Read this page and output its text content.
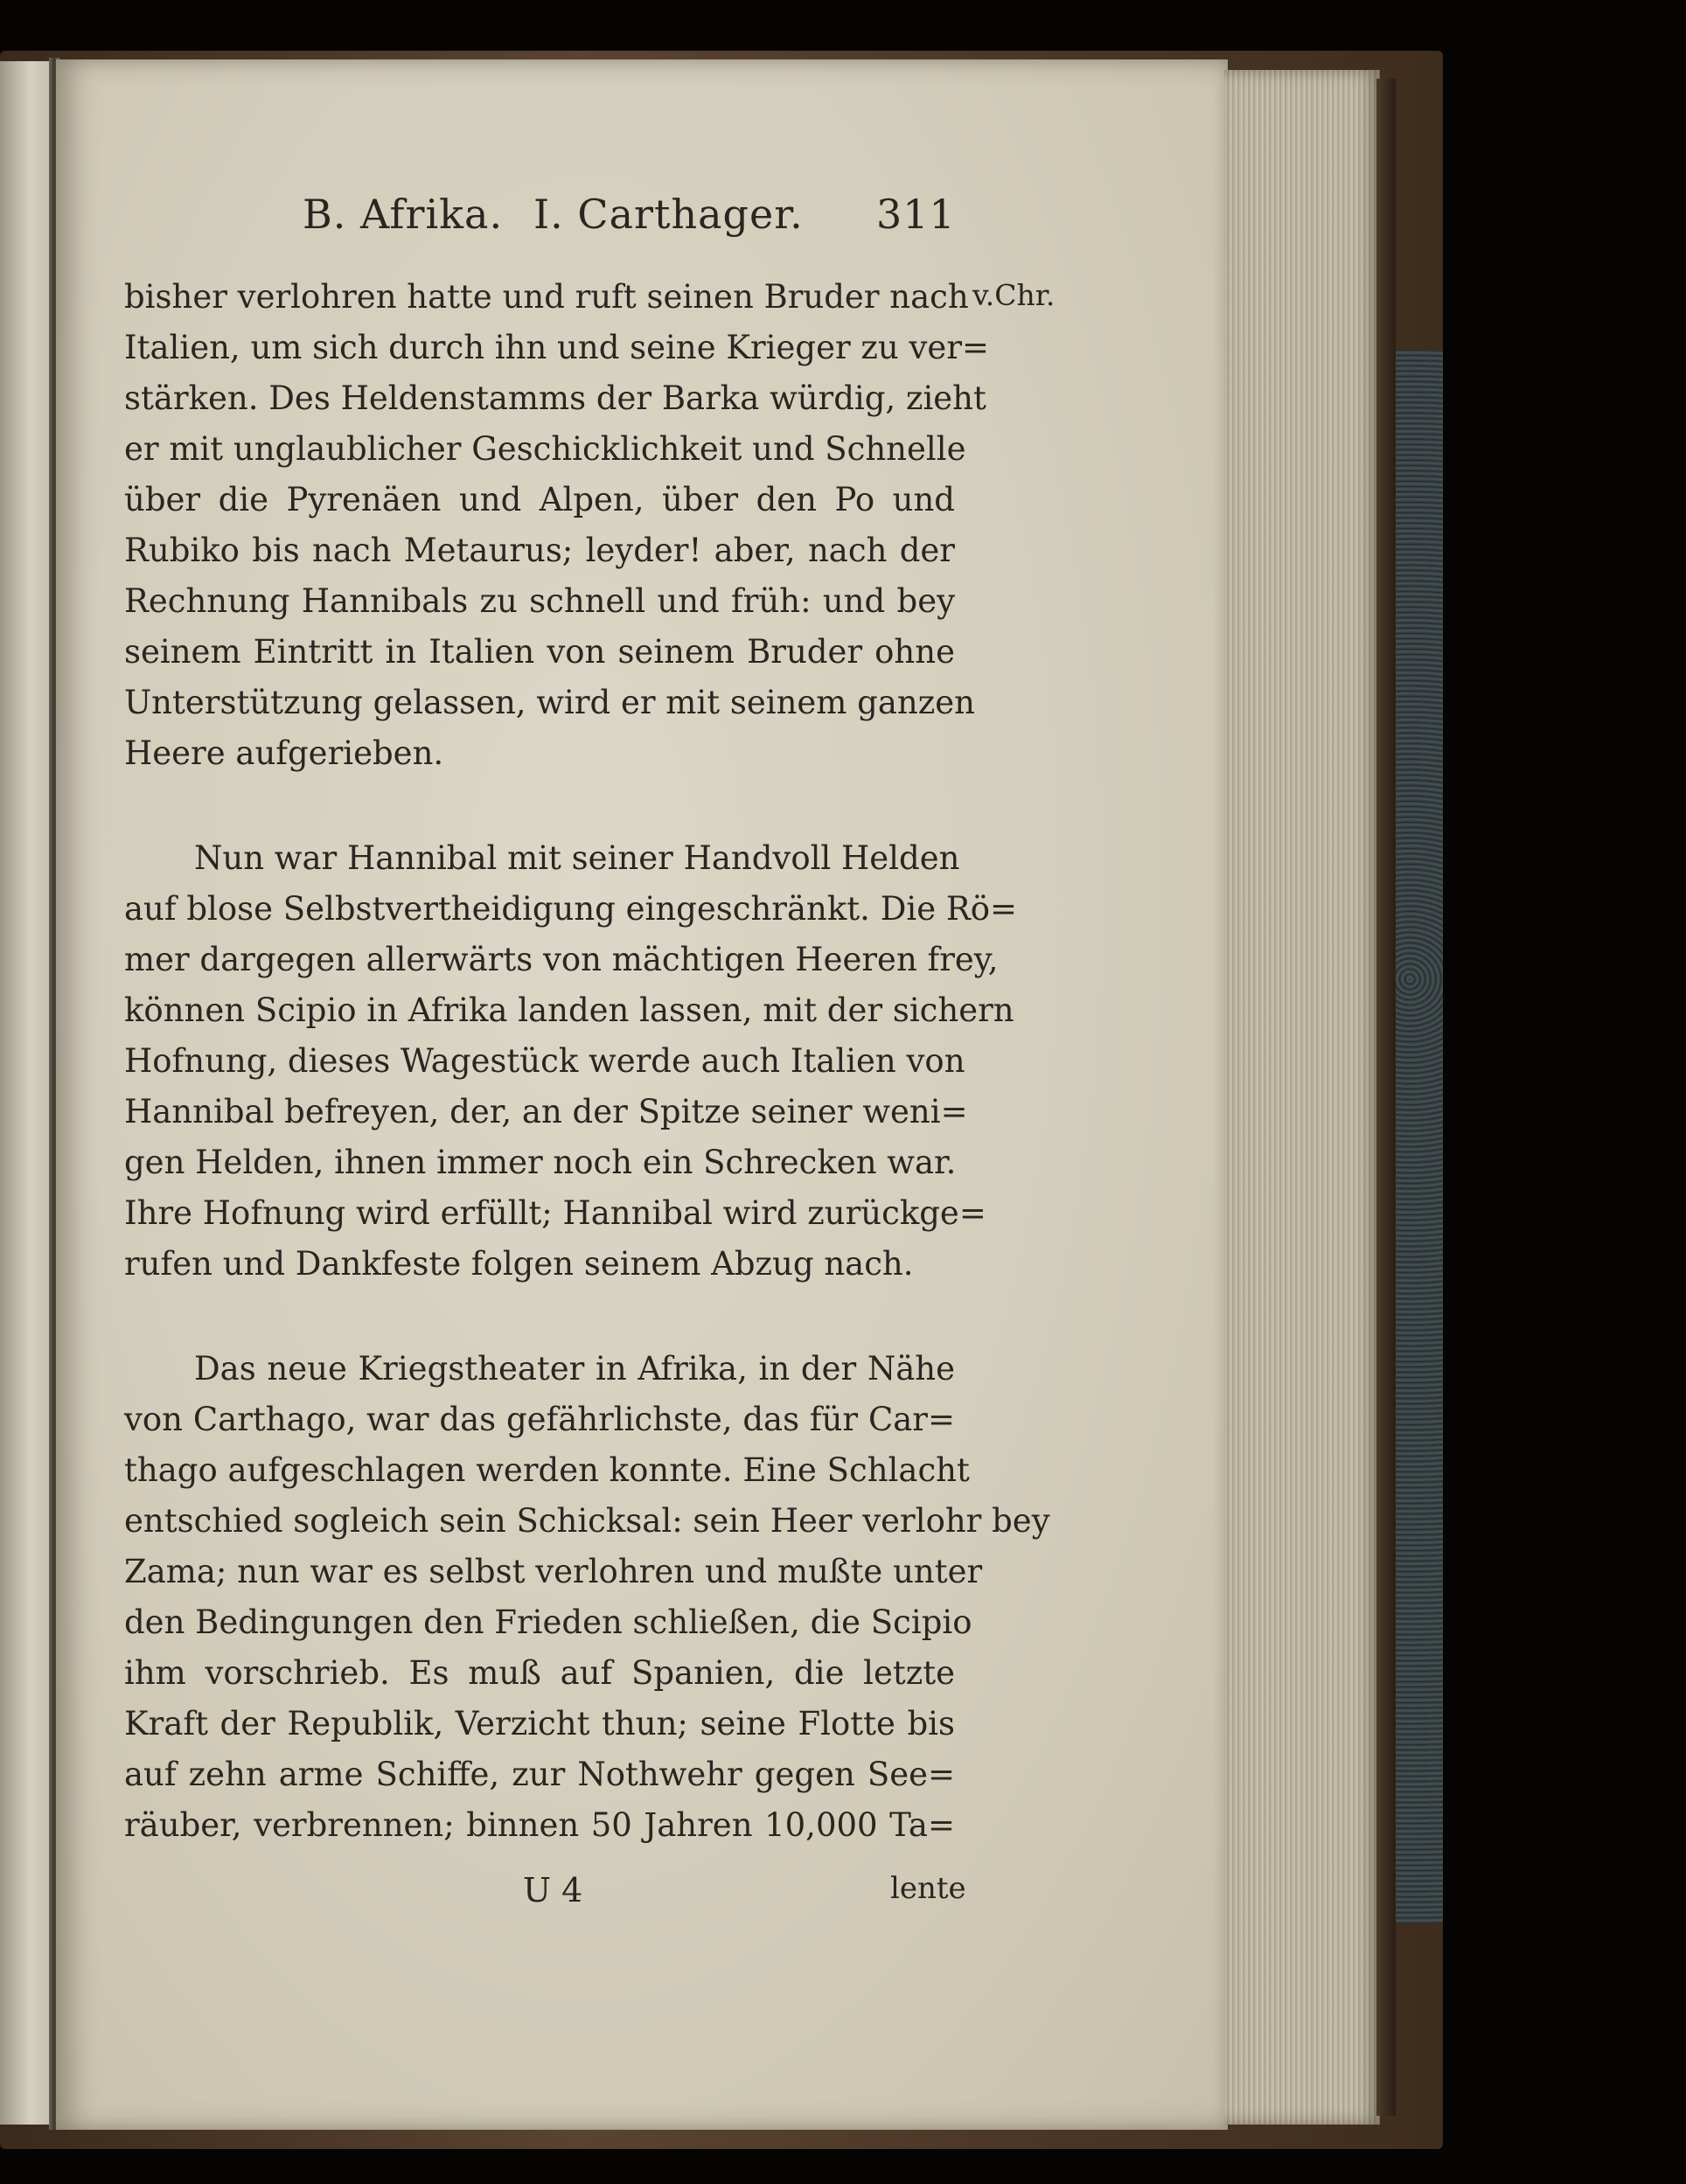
B. Afrika. I. Carthager. 311
v.Chr.
bisher verlohren hatte und ruft seinen Bruder nach
Italien, um sich durch ihn und seine Krieger zu ver=
stärken. Des Heldenstamms der Barka würdig, zieht
er mit unglaublicher Geschicklichkeit und Schnelle
über die Pyrenäen und Alpen, über den Po und
Rubiko bis nach Metaurus; leyder! aber, nach der
Rechnung Hannibals zu schnell und früh: und bey
seinem Eintritt in Italien von seinem Bruder ohne
Unterstützung gelassen, wird er mit seinem ganzen
Heere aufgerieben.
Nun war Hannibal mit seiner Handvoll Helden
auf blose Selbstvertheidigung eingeschränkt. Die Rö=
mer dargegen allerwärts von mächtigen Heeren frey,
können Scipio in Afrika landen lassen, mit der sichern
Hofnung, dieses Wagestück werde auch Italien von
Hannibal befreyen, der, an der Spitze seiner weni=
gen Helden, ihnen immer noch ein Schrecken war.
Ihre Hofnung wird erfüllt; Hannibal wird zurückge=
rufen und Dankfeste folgen seinem Abzug nach.
Das neue Kriegstheater in Afrika, in der Nähe
von Carthago, war das gefährlichste, das für Car=
thago aufgeschlagen werden konnte. Eine Schlacht
entschied sogleich sein Schicksal: sein Heer verlohr bey
Zama; nun war es selbst verlohren und mußte unter
den Bedingungen den Frieden schließen, die Scipio
ihm vorschrieb. Es muß auf Spanien, die letzte
Kraft der Republik, Verzicht thun; seine Flotte bis
auf zehn arme Schiffe, zur Nothwehr gegen See=
räuber, verbrennen; binnen 50 Jahren 10,000 Ta=
U 4	lente
